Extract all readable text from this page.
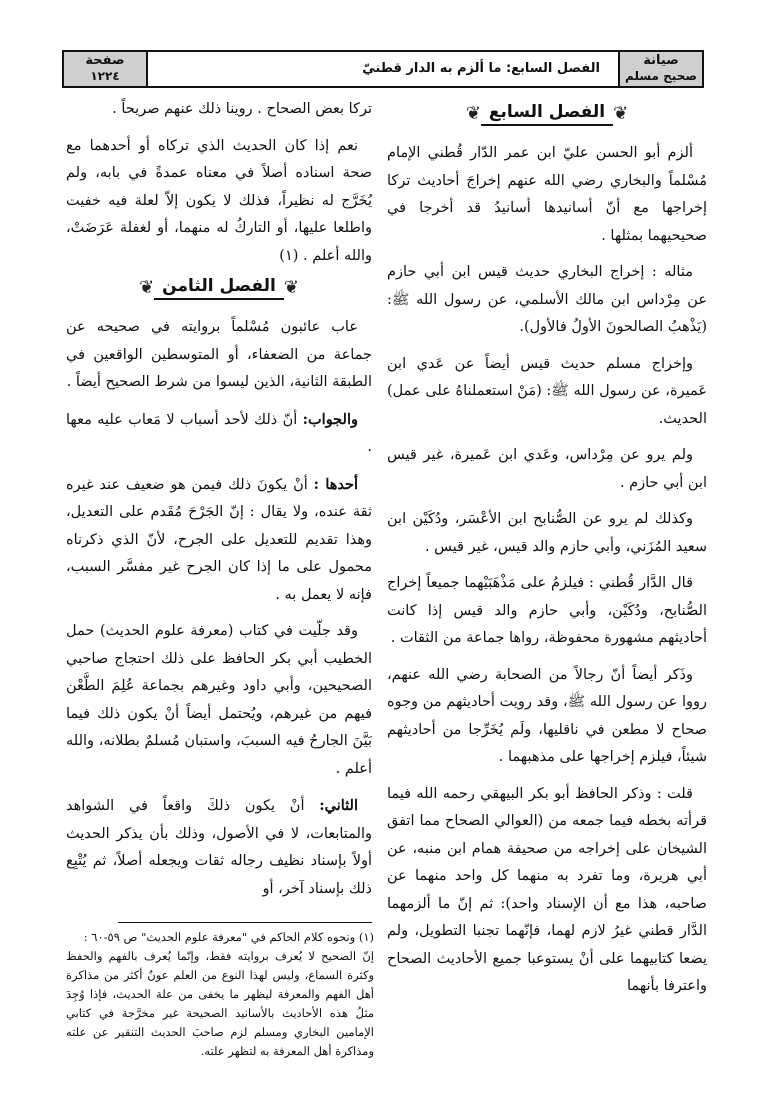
صيانة
صحيح مسلم
الفصل السابع: ما ألزم به الدار قطنيّ
صفحة
١٢٢٤
❦الفصل السابع❦

ألزم أبو الحسن عليّ ابن عمر الدّار قُطني الإمام مُسْلماً والبخاري رضي الله عنهم إخراجَ أحاديث تركا إخراجها مع أنّ أسانيدها أسانيدُ قد أخرجا في صحيحيهما بمثلها .

مثاله : إخراج البخاري حديث قيس ابن أبي حازم عن مِرْداس ابن مالك الأسلمي، عن رسول الله ﷺ: (يَذْهبُ الصالحونَ الأولُ فالأول).

وإخراج مسلم حديث قيس أيضاً عن عَدي ابن عَميرة، عن رسول الله ﷺ: (مَنْ استعملناهُ على عمل) الحديث.

ولم يرو عن مِرْداس، وعَدي ابن عَميرة، غير قيس ابن أبي حازم .

وكذلك لم يرو عن الصُّنابح ابن الأعْسَر، ودُكَيْن ابن سعيد المُزَني، وأبي حازم والد قيس، غير قيس .

قال الدَّار قُطني : فيلزمُ على مَذْهَبَيْهما جميعاً إخراج الصُّنابح، ودُكَيْن، وأبي حازم والد قيس إذا كانت أحاديثهم مشهورة محفوظة، رواها جماعة من الثقات .

وذَكر أيضاً أنّ رجالاً من الصحابة رضي الله عنهم، رووا عن رسول الله ﷺ، وقد رويت أحاديثهم من وجوه صحاح لا مطعن في ناقليها، ولَم يُخَرِّجا من أحاديثهم شيئاً، فيلزم إخراجها على مذهبهما .

قلت : وذكر الحافظ أبو بكر البيهقي رحمه الله فيما قرأته بخطه فيما جمعه من (العوالي الصحاح مما اتفق الشيخان على إخراجه من صحيفة همام ابن منبه، عن أبي هريرة، وما تفرد به منهما كل واحد منهما عن صاحبه، هذا مع أن الإسناد واحد): ثم إنّ ما ألزمهما الدَّار قطني غيرُ لازم لهما، فإنّهما تجنبا التطويل، ولم يضعا كتابيهما على أنْ يستوعبا جميع الأحاديث الصحاح واعترفا بأنهما

تركا بعض الصحاح . روينا ذلك عنهم صريحاً .

نعم إذا كان الحديث الذي تركاه أو أحدهما مع صحة اسناده أصلاً في معناه عمدةً في بابه، ولم يُخَرَّج له نظيراً، فذلك لا يكون إلاّ لعلة فيه خفيت واطلعا عليها، أو التاركُ له منهما، أو لغفلة عَرَضَتْ، والله أعلم . (١)

❦الفصل الثامن❦

عاب عائبون مُسْلماً بروايته في صحيحه عن جماعة من الضعفاء، أو المتوسطين الواقعين في الطبقة الثانية، الذين ليسوا من شرط الصحيح أيضاً .

والجواب: أنّ ذلك لأحد أسباب لا مَعاب عليه معها .

أحدها : أنْ يكونَ ذلك فيمن هو ضعيف عند غيره ثقة عنده، ولا يقال : إنّ الجَرْحَ مُقَدم على التعديل، وهذا تقديم للتعديل على الجرح، لأنّ الذي ذكرناه محمول على ما إذا كان الجرح غير مفسَّر السبب، فإنه لا يعمل به .

وقد جلّيت في كتاب (معرفة علوم الحديث) حمل الخطيب أبي بكر الحافظ على ذلك احتجاج صاحبي الصحيحين، وأبي داود وغيرهم بجماعة عُلِمَ الطَّعْن فيهم من غيرهم، ويُحتمل أيضاً أنْ يكون ذلك فيما بَيَّنَ الجارحُ فيه السببَ، واستبان مُسلمٌ بطلانه، والله أعلم .

الثاني: أنْ يكون ذلكَ واقعاً في الشواهد والمتابعات، لا في الأصول، وذلك بأن يذكر الحديث أولاً بإسناد نظيف رجاله ثقات ويجعله أصلاً، ثم يُتْبِع ذلك بإسناد آخر، أو

(١) ونحوه كلام الحاكم في "معرفة علوم الحديث" ص ٥٩-٦٠ :

إنّ الصحيح لا يُعرف بروايته فقط، وإنّما يُعرف بالفهم والحفظ وكثرة السماع، وليس لهذا النوع من العلم عونٌ أكثر من مذاكرة أهل الفهم والمعرفة ليظهر ما يخفى من علة الحديث، فإذا وُجِدَ مثلُ هذه الأحاديث بالأسانيد الصحيحة غير مخرَّجة في كتابي الإمامين البخاري ومسلم لزم صاحبَ الحديث التنقير عن علته ومذاكرة أهل المعرفة به لتظهر علته.
